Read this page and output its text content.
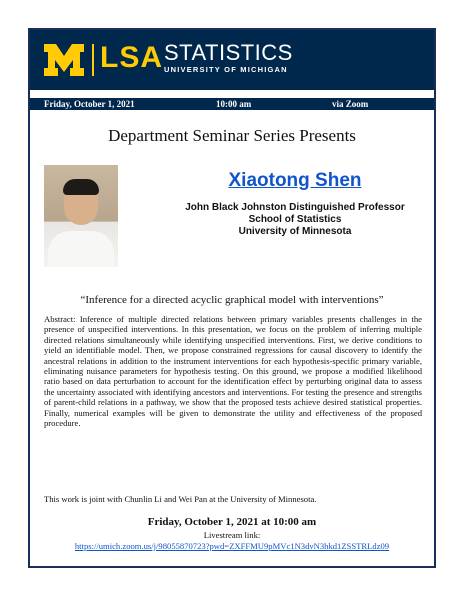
LSA STATISTICS
UNIVERSITY OF MICHIGAN
Friday, October 1, 2021	10:00 am	via Zoom
Department Seminar Series Presents
Xiaotong Shen
John Black Johnston Distinguished Professor
School of Statistics
University of Minnesota
“Inference for a directed acyclic graphical model with interventions”
Abstract: Inference of multiple directed relations between primary variables presents challenges in the presence of unspecified interventions. In this presentation, we focus on the problem of inferring multiple directed relations simultaneously while identifying unspecified interventions. First, we derive conditions to yield an identifiable model. Then, we propose constrained regressions for causal discovery to identify the ancestral relations in addition to the instrument interventions for each hypothesis-specific primary variable, eliminating nuisance parameters for hypothesis testing. On this ground, we propose a modified likelihood ratio based on data perturbation to account for the identification effect by perturbing original data to assess the uncertainty associated with identifying ancestors and interventions. For testing the presence and strengths of parent-child relations in a pathway, we show that the proposed tests achieve desired statistical properties. Finally, numerical examples will be given to demonstrate the utility and effectiveness of the proposed procedure.
This work is joint with Chunlin Li and Wei Pan at the University of Minnesota.
Friday, October 1, 2021 at 10:00 am
Livestream link:
https://umich.zoom.us/j/98055870723?pwd=ZXFFMU9pMVc1N3dvN3hkd1ZSSTRLdz09
